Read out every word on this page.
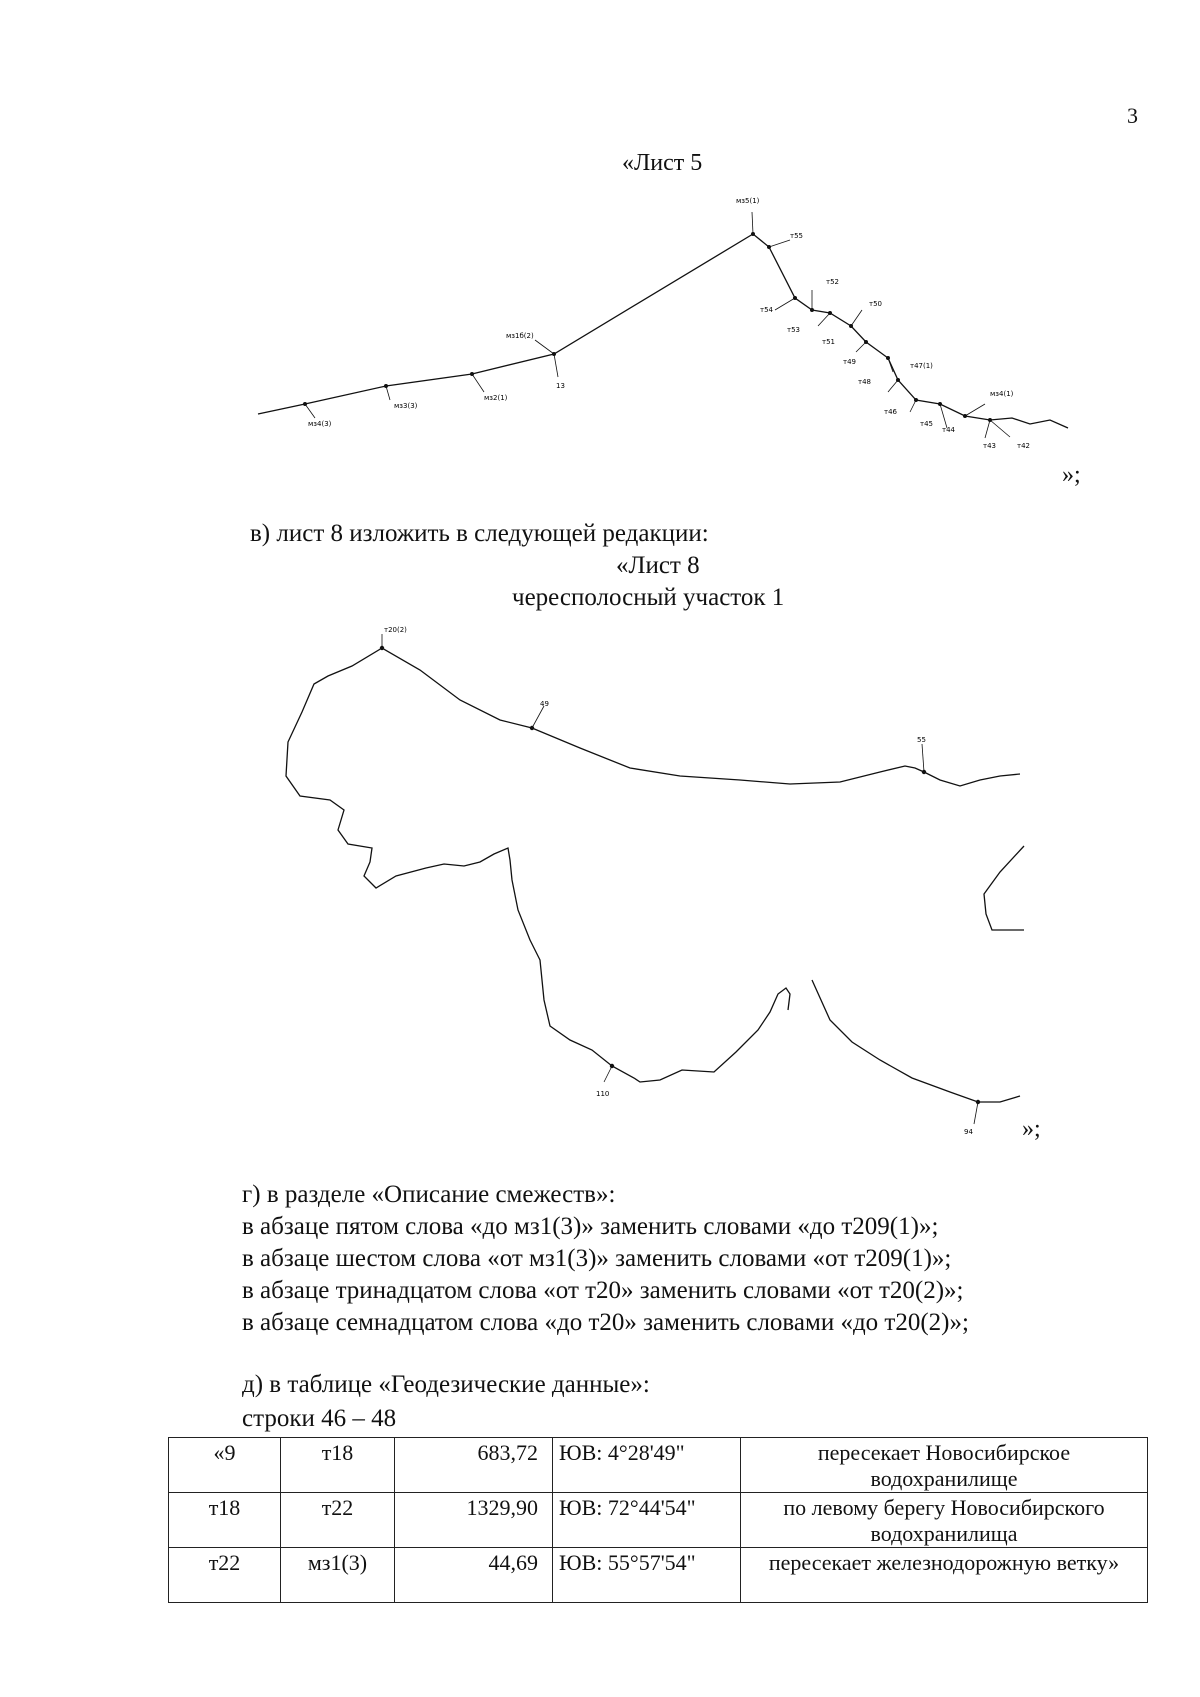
3
«Лист 5
мз5(1)
т55
т52
т50
т54
т53
т51
т49	т47(1)
т48
т46
т45
т44
мз4(1)
т43	т42
мз1б(2)
13
мз2(1)
мз3(3)
мз4(3)
»;
в) лист 8 изложить в следующей редакции:
«Лист 8
чересполосный участок 1
т20(2)
49
55
110
94 »;
г) в разделе «Описание смежеств»:
в абзаце пятом слова «до мз1(3)» заменить словами «до т209(1)»;
в абзаце шестом слова «от мз1(3)» заменить словами «от т209(1)»;
в абзаце тринадцатом слова «от т20» заменить словами «от т20(2)»;
в абзаце семнадцатом слова «до т20» заменить словами «до т20(2)»;
д) в таблице «Геодезические данные»:
строки 46 – 48
«9	т18	683,72	ЮВ: 4°28'49"	пересекает Новосибирское водохранилище
т18	т22	1329,90	ЮВ: 72°44'54"	по левому берегу Новосибирского водохранилища
т22	мз1(3)	44,69	ЮВ: 55°57'54"	пересекает железнодорожную ветку»
